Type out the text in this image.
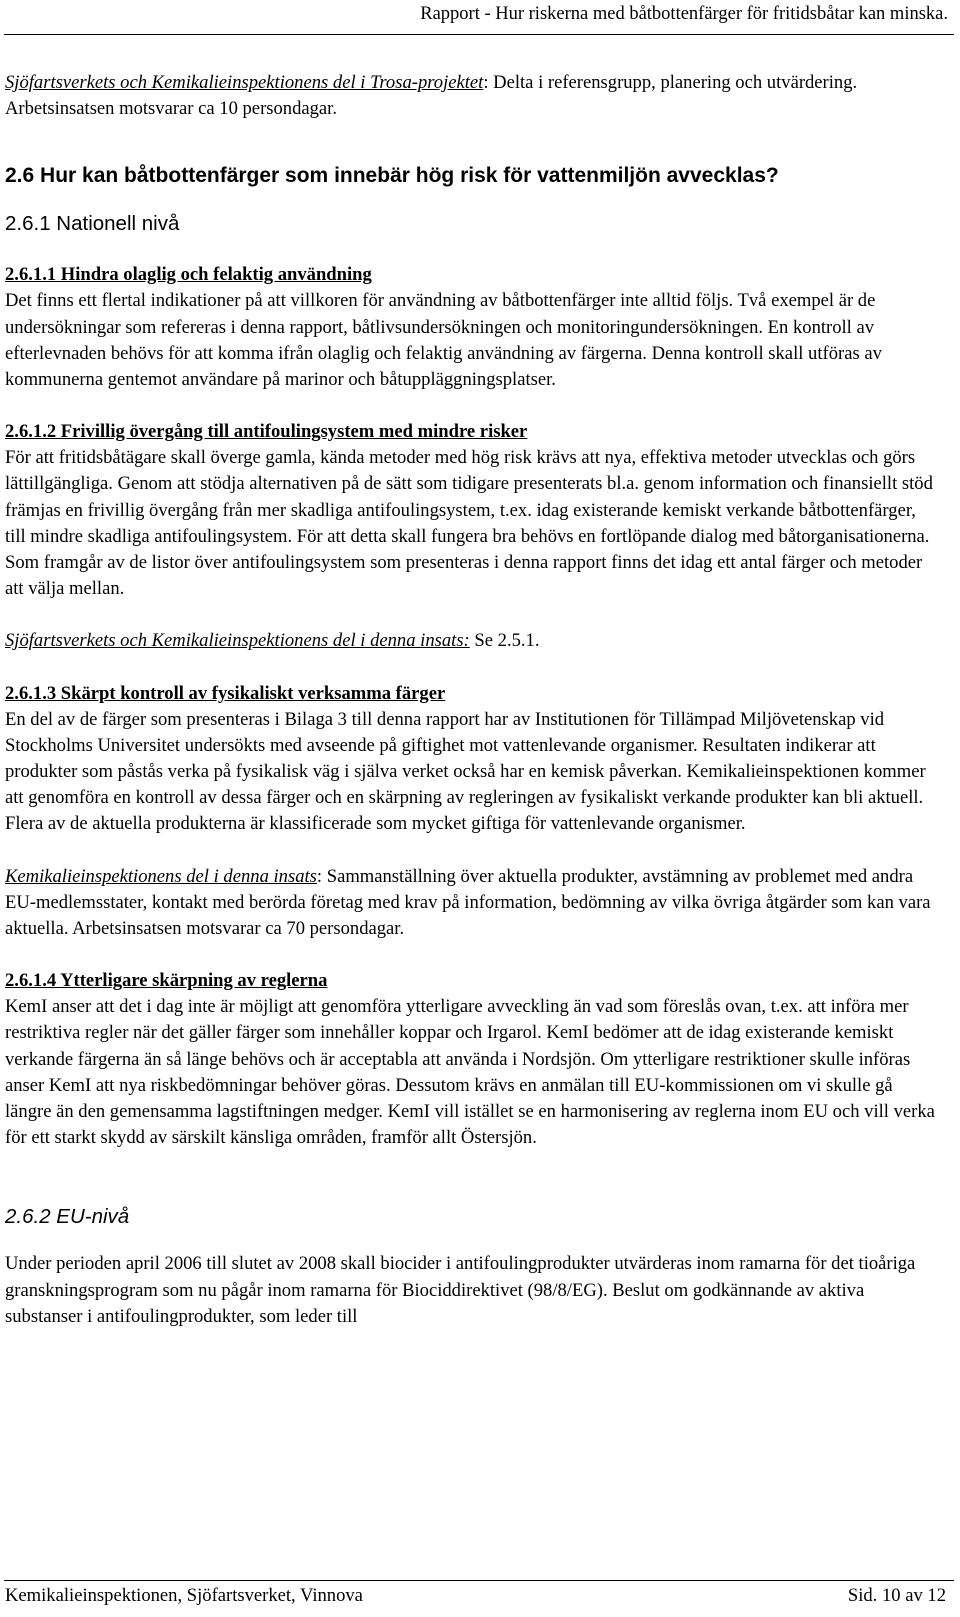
Rapport - Hur riskerna med båtbottenfärger för fritidsbåtar kan minska.

Sjöfartsverkets och Kemikalieinspektionens del i Trosa-projektet: Delta i referensgrupp, planering och utvärdering. Arbetsinsatsen motsvarar ca 10 persondagar.

2.6 Hur kan båtbottenfärger som innebär hög risk för vattenmiljön avvecklas?
2.6.1 Nationell nivå
2.6.1.1 Hindra olaglig och felaktig användning

Det finns ett flertal indikationer på att villkoren för användning av båtbottenfärger inte alltid följs. Två exempel är de undersökningar som refereras i denna rapport, båtlivsundersökningen och monitoringundersökningen. En kontroll av efterlevnaden behövs för att komma ifrån olaglig och felaktig användning av färgerna. Denna kontroll skall utföras av kommunerna gentemot användare på marinor och båtuppläggningsplatser.

2.6.1.2 Frivillig övergång till antifoulingsystem med mindre risker

För att fritidsbåtägare skall överge gamla, kända metoder med hög risk krävs att nya, effektiva metoder utvecklas och görs lättillgängliga. Genom att stödja alternativen på de sätt som tidigare presenterats bl.a. genom information och finansiellt stöd främjas en frivillig övergång från mer skadliga antifoulingsystem, t.ex. idag existerande kemiskt verkande båtbottenfärger, till mindre skadliga antifoulingsystem. För att detta skall fungera bra behövs en fortlöpande dialog med båtorganisationerna. Som framgår av de listor över antifoulingsystem som presenteras i denna rapport finns det idag ett antal färger och metoder att välja mellan.

Sjöfartsverkets och Kemikalieinspektionens del i denna insats: Se 2.5.1.

2.6.1.3 Skärpt kontroll av fysikaliskt verksamma färger

En del av de färger som presenteras i Bilaga 3 till denna rapport har av Institutionen för Tillämpad Miljövetenskap vid Stockholms Universitet undersökts med avseende på giftighet mot vattenlevande organismer. Resultaten indikerar att produkter som påstås verka på fysikalisk väg i själva verket också har en kemisk påverkan. Kemikalieinspektionen kommer att genomföra en kontroll av dessa färger och en skärpning av regleringen av fysikaliskt verkande produkter kan bli aktuell. Flera av de aktuella produkterna är klassificerade som mycket giftiga för vattenlevande organismer.

Kemikalieinspektionens del i denna insats: Sammanställning över aktuella produkter, avstämning av problemet med andra EU-medlemsstater, kontakt med berörda företag med krav på information, bedömning av vilka övriga åtgärder som kan vara aktuella. Arbetsinsatsen motsvarar ca 70 persondagar.

2.6.1.4 Ytterligare skärpning av reglerna

KemI anser att det i dag inte är möjligt att genomföra ytterligare avveckling än vad som föreslås ovan, t.ex. att införa mer restriktiva regler när det gäller färger som innehåller koppar och Irgarol. KemI bedömer att de idag existerande kemiskt verkande färgerna än så länge behövs och är acceptabla att använda i Nordsjön. Om ytterligare restriktioner skulle införas anser KemI att nya riskbedömningar behöver göras. Dessutom krävs en anmälan till EU-kommissionen om vi skulle gå längre än den gemensamma lagstiftningen medger. KemI vill istället se en harmonisering av reglerna inom EU och vill verka för ett starkt skydd av särskilt känsliga områden, framför allt Östersjön.

2.6.2 EU-nivå

Under perioden april 2006 till slutet av 2008 skall biocider i antifoulingprodukter utvärderas inom ramarna för det tioåriga granskningsprogram som nu pågår inom ramarna för Biociddirektivet (98/8/EG). Beslut om godkännande av aktiva substanser i antifoulingprodukter, som leder till

Kemikalieinspektionen, Sjöfartsverket, Vinnova	Sid. 10 av 12
